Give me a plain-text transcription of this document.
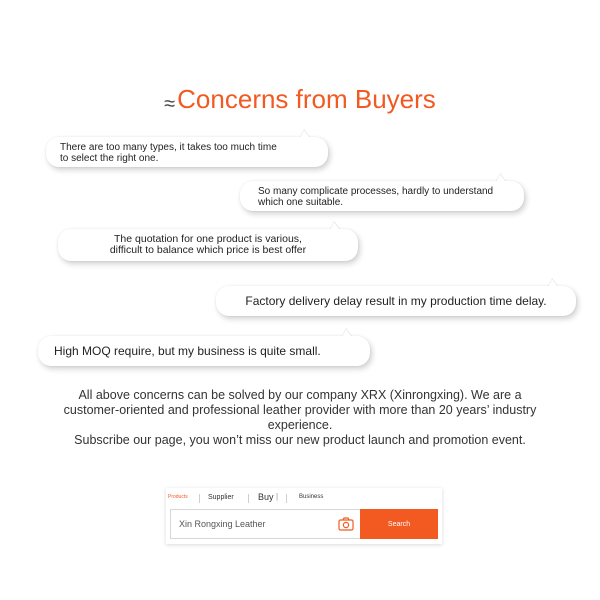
≈Concerns from Buyers
There are too many types, it takes too much time
to select the right one.
So many complicate processes, hardly to understand
which one suitable.
The quotation for one product is various,
difficult to balance which price is best offer
Factory delivery delay result in my production time delay.
High MOQ require, but my business is quite small.

All above concerns can be solved by our company XRX (Xinrongxing). We are a

customer-oriented and professional leather provider with more than 20 years’ industry

experience.

Subscribe our page, you won’t miss our new product launch and promotion event.

Products	Supplier	Buy |	Business
Xin Rongxing Leather
Search
